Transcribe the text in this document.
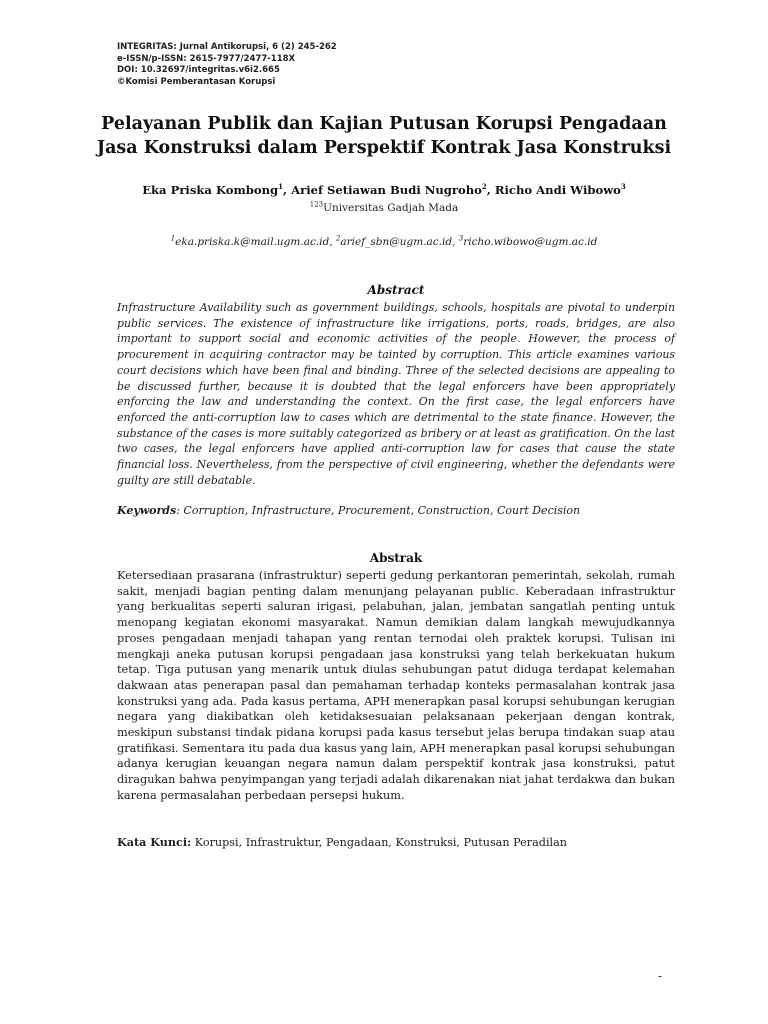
INTEGRITAS: Jurnal Antikorupsi, 6 (2) 245-262
e-ISSN/p-ISSN: 2615-7977/2477-118X
DOI: 10.32697/integritas.v6i2.665
©Komisi Pemberantasan Korupsi
Pelayanan Publik dan Kajian Putusan Korupsi Pengadaan
Jasa Konstruksi dalam Perspektif Kontrak Jasa Konstruksi
Eka Priska Kombong$^1$, Arief Setiawan Budi Nugroho$^2$, Richo Andi Wibowo$^3$
$^{123}$Universitas Gadjah Mada
$^1$eka.priska.k@mail.ugm.ac.id, $^2$arief_sbn@ugm.ac.id, $^3$richo.wibowo@ugm.ac.id
Abstract
Infrastructure Availability such as government buildings, schools, hospitals are pivotal to underpin public services. The existence of infrastructure like irrigations, ports, roads, bridges, are also important to support social and economic activities of the people. However, the process of procurement in acquiring contractor may be tainted by corruption. This article examines various court decisions which have been final and binding. Three of the selected decisions are appealing to be discussed further, because it is doubted that the legal enforcers have been appropriately enforcing the law and understanding the context. On the first case, the legal enforcers have enforced the anti-corruption law to cases which are detrimental to the state finance. However, the substance of the cases is more suitably categorized as bribery or at least as gratification. On the last two cases, the legal enforcers have applied anti-corruption law for cases that cause the state financial loss. Nevertheless, from the perspective of civil engineering, whether the defendants were guilty are still debatable.
Keywords: Corruption, Infrastructure, Procurement, Construction, Court Decision
Abstrak
Ketersediaan prasarana (infrastruktur) seperti gedung perkantoran pemerintah, sekolah, rumah sakit, menjadi bagian penting dalam menunjang pelayanan public. Keberadaan infrastruktur yang berkualitas seperti saluran irigasi, pelabuhan, jalan, jembatan sangatlah penting untuk menopang kegiatan ekonomi masyarakat. Namun demikian dalam langkah mewujudkannya proses pengadaan menjadi tahapan yang rentan ternodai oleh praktek korupsi. Tulisan ini mengkaji aneka putusan korupsi pengadaan jasa konstruksi yang telah berkekuatan hukum tetap. Tiga putusan yang menarik untuk diulas sehubungan patut diduga terdapat kelemahan dakwaan atas penerapan pasal dan pemahaman terhadap konteks permasalahan kontrak jasa konstruksi yang ada. Pada kasus pertama, APH menerapkan pasal korupsi sehubungan kerugian negara yang diakibatkan oleh ketidaksesuaian pelaksanaan pekerjaan dengan kontrak, meskipun substansi tindak pidana korupsi pada kasus tersebut jelas berupa tindakan suap atau gratifikasi. Sementara itu pada dua kasus yang lain, APH menerapkan pasal korupsi sehubungan adanya kerugian keuangan negara namun dalam perspektif kontrak jasa konstruksi, patut diragukan bahwa penyimpangan yang terjadi adalah dikarenakan niat jahat terdakwa dan bukan karena permasalahan perbedaan persepsi hukum.
Kata Kunci: Korupsi, Infrastruktur, Pengadaan, Konstruksi, Putusan Peradilan
-
